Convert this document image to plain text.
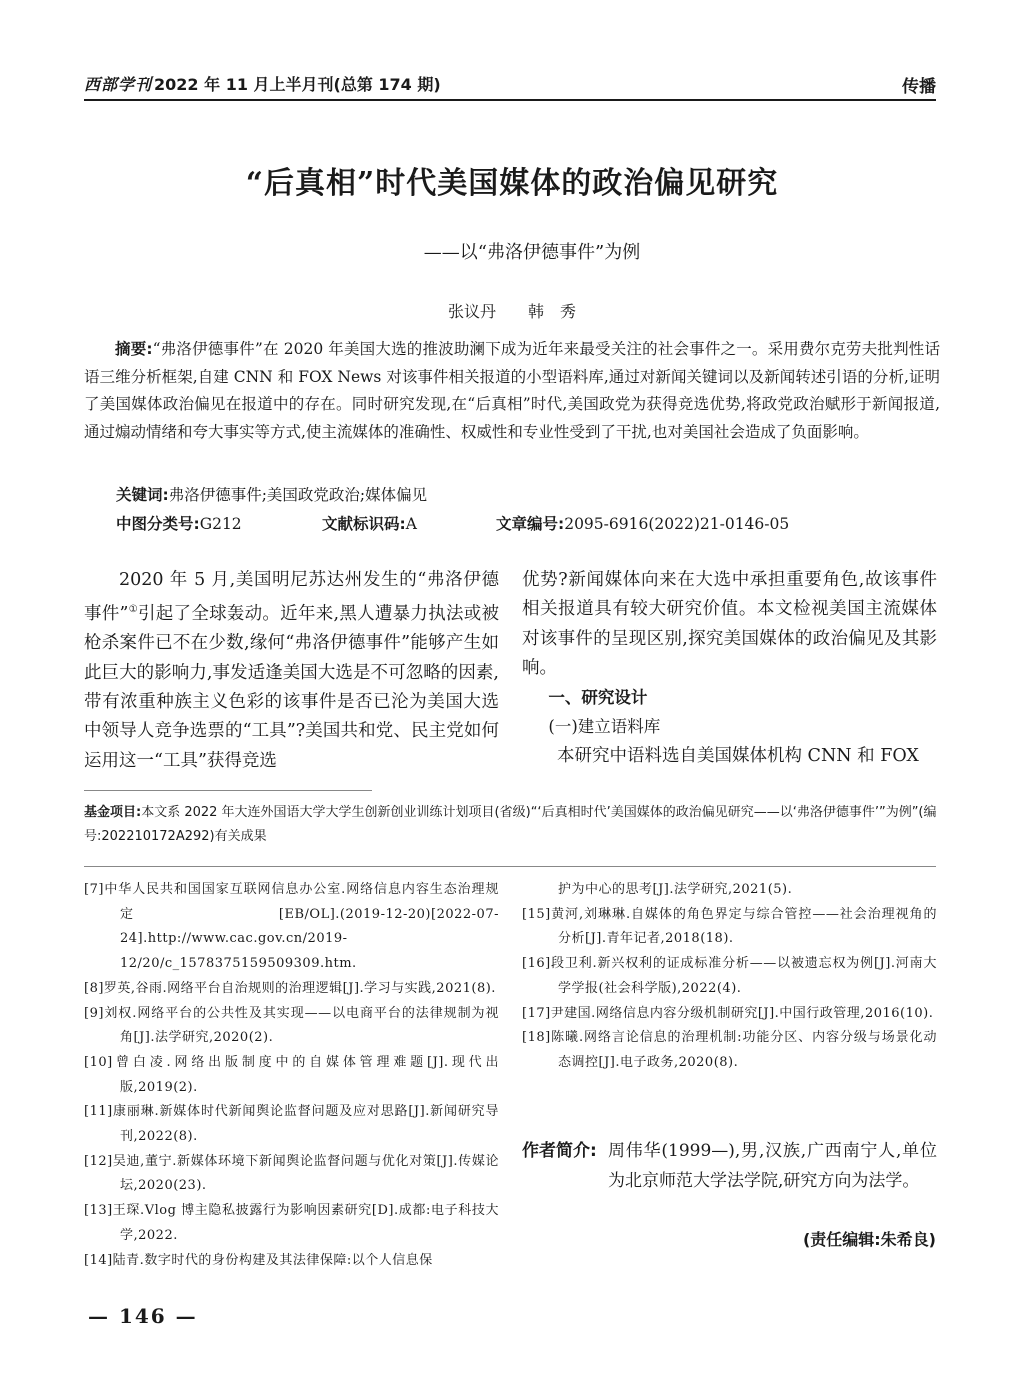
西部学刊 2022 年 11 月上半月刊(总第 174 期)	传播
“后真相”时代美国媒体的政治偏见研究
——以“弗洛伊德事件”为例
张议丹 韩　秀

摘要:“弗洛伊德事件”在 2020 年美国大选的推波助澜下成为近年来最受关注的社会事件之一。采用费尔克劳夫批判性话语三维分析框架,自建 CNN 和 FOX News 对该事件相关报道的小型语料库,通过对新闻关键词以及新闻转述引语的分析,证明了美国媒体政治偏见在报道中的存在。同时研究发现,在“后真相”时代,美国政党为获得竞选优势,将政党政治赋形于新闻报道,通过煽动情绪和夸大事实等方式,使主流媒体的准确性、权威性和专业性受到了干扰,也对美国社会造成了负面影响。

关键词:弗洛伊德事件;美国政党政治;媒体偏见
中图分类号:G212	文献标识码:A	文章编号:2095-6916(2022)21-0146-05

2020 年 5 月,美国明尼苏达州发生的“弗洛伊德事件”①引起了全球轰动。近年来,黑人遭暴力执法或被枪杀案件已不在少数,缘何“弗洛伊德事件”能够产生如此巨大的影响力,事发适逢美国大选是不可忽略的因素,带有浓重种族主义色彩的该事件是否已沦为美国大选中领导人竞争选票的“工具”?美国共和党、民主党如何运用这一“工具”获得竞选

优势?新闻媒体向来在大选中承担重要角色,故该事件相关报道具有较大研究价值。本文检视美国主流媒体对该事件的呈现区别,探究美国媒体的政治偏见及其影响。

一、研究设计

(一)建立语料库

本研究中语料选自美国媒体机构 CNN 和 FOX

基金项目:本文系 2022 年大连外国语大学大学生创新创业训练计划项目(省级)“‘后真相时代’美国媒体的政治偏见研究——以‘弗洛伊德事件’”为例”(编号:202210172A292)有关成果

[7]中华人民共和国国家互联网信息办公室.网络信息内容生态治理规定[EB/OL].(2019-12-20)[2022-07-24].http://www.cac.gov.cn/2019-12/20/c_1578375159509309.htm.
[8]罗英,谷雨.网络平台自治规则的治理逻辑[J].学习与实践,2021(8).
[9]刘权.网络平台的公共性及其实现——以电商平台的法律规制为视角[J].法学研究,2020(2).
[10]曾白凌.网络出版制度中的自媒体管理难题[J].现代出版,2019(2).
[11]康丽琳.新媒体时代新闻舆论监督问题及应对思路[J].新闻研究导刊,2022(8).
[12]吴迪,董宁.新媒体环境下新闻舆论监督问题与优化对策[J].传媒论坛,2020(23).
[13]王琛.Vlog 博主隐私披露行为影响因素研究[D].成都:电子科技大学,2022.
[14]陆青.数字时代的身份构建及其法律保障:以个人信息保
护为中心的思考[J].法学研究,2021(5).
[15]黄河,刘琳琳.自媒体的角色界定与综合管控——社会治理视角的分析[J].青年记者,2018(18).
[16]段卫利.新兴权利的证成标准分析——以被遗忘权为例[J].河南大学学报(社会科学版),2022(4).
[17]尹建国.网络信息内容分级机制研究[J].中国行政管理,2016(10).
[18]陈曦.网络言论信息的治理机制:功能分区、内容分级与场景化动态调控[J].电子政务,2020(8).
作者简介: 周伟华(1999—),男,汉族,广西南宁人,单位为北京师范大学法学院,研究方向为法学。
(责任编辑:朱希良)
— 146 —
